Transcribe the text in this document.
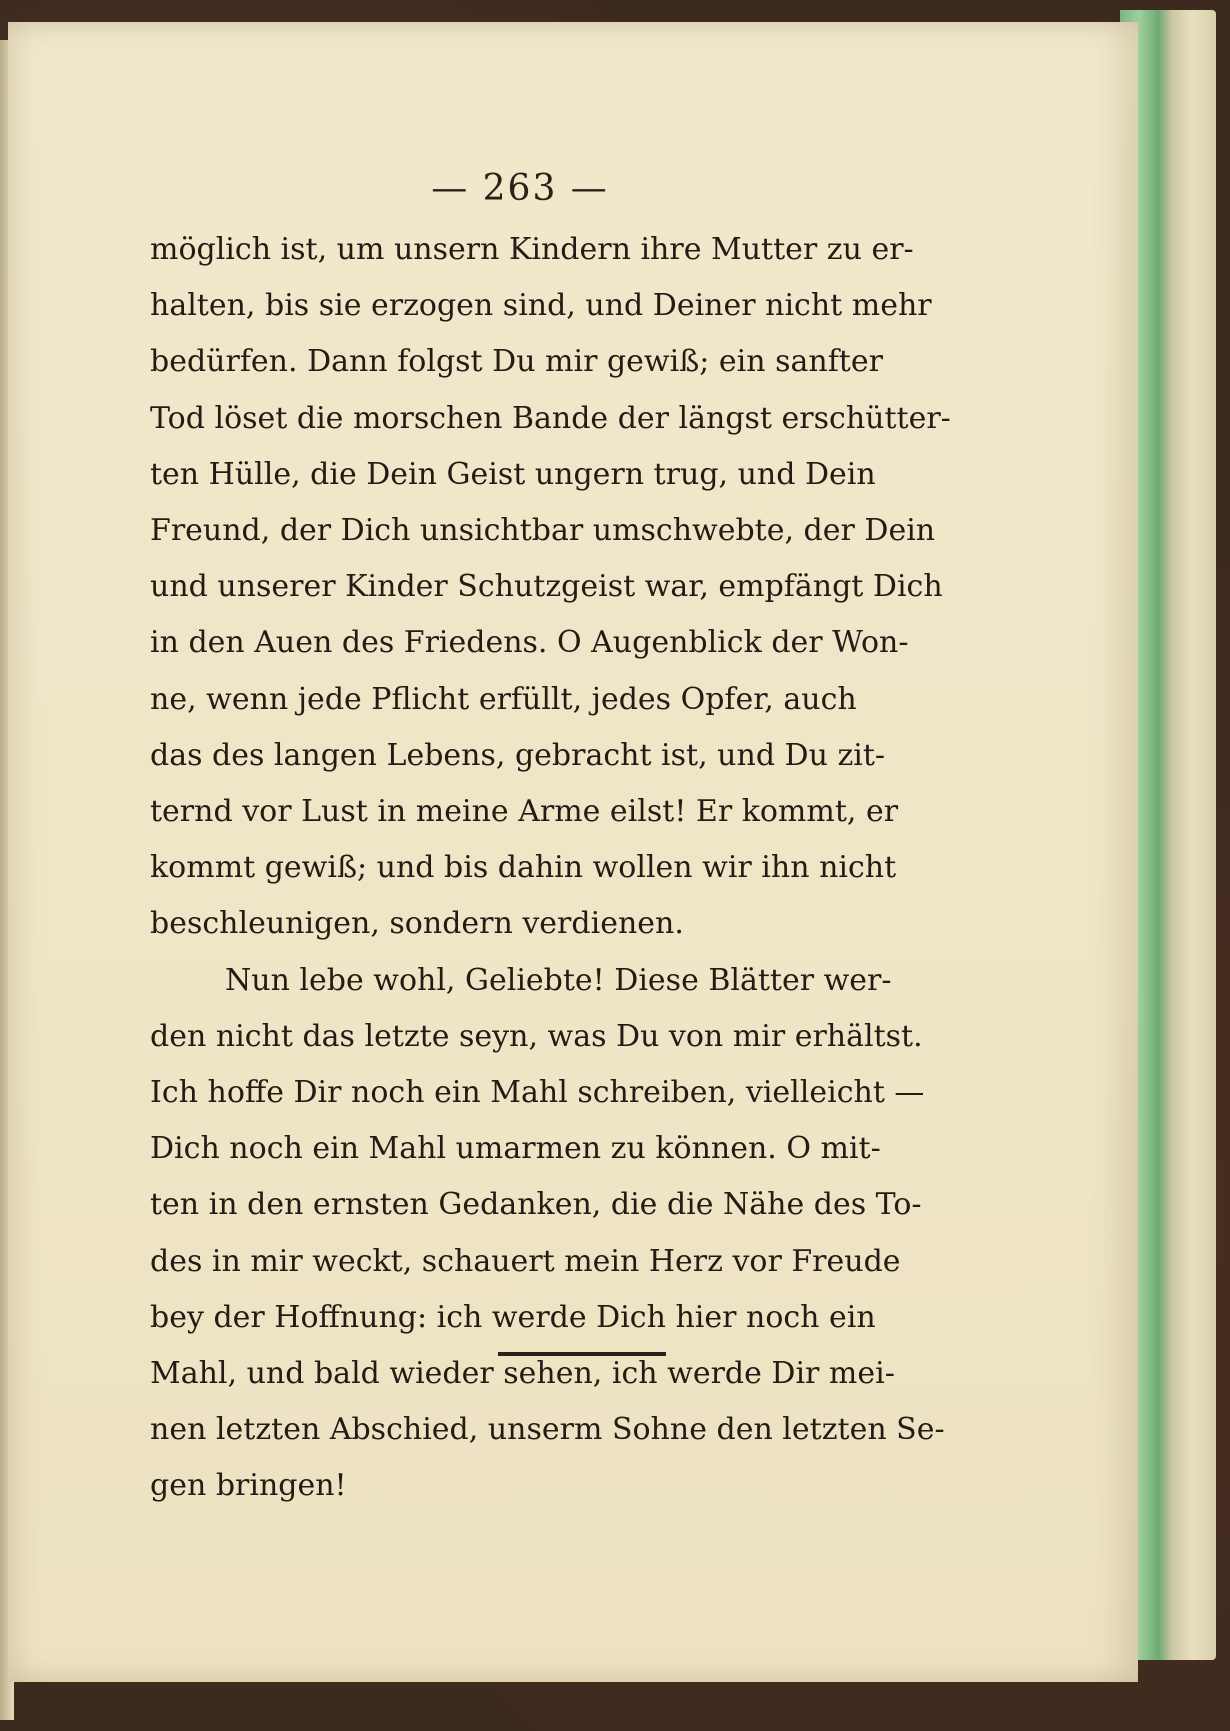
— 263 —
möglich ist, um unsern Kindern ihre Mutter zu er-
halten, bis sie erzogen sind, und Deiner nicht mehr
bedürfen. Dann folgst Du mir gewiß; ein sanfter
Tod löset die morschen Bande der längst erschütter-
ten Hülle, die Dein Geist ungern trug, und Dein
Freund, der Dich unsichtbar umschwebte, der Dein
und unserer Kinder Schutzgeist war, empfängt Dich
in den Auen des Friedens. O Augenblick der Won-
ne, wenn jede Pflicht erfüllt, jedes Opfer, auch
das des langen Lebens, gebracht ist, und Du zit-
ternd vor Lust in meine Arme eilst! Er kommt, er
kommt gewiß; und bis dahin wollen wir ihn nicht
beschleunigen, sondern verdienen.
Nun lebe wohl, Geliebte! Diese Blätter wer-
den nicht das letzte seyn, was Du von mir erhältst.
Ich hoffe Dir noch ein Mahl schreiben, vielleicht —
Dich noch ein Mahl umarmen zu können. O mit-
ten in den ernsten Gedanken, die die Nähe des To-
des in mir weckt, schauert mein Herz vor Freude
bey der Hoffnung: ich werde Dich hier noch ein
Mahl, und bald wieder sehen, ich werde Dir mei-
nen letzten Abschied, unserm Sohne den letzten Se-
gen bringen!
